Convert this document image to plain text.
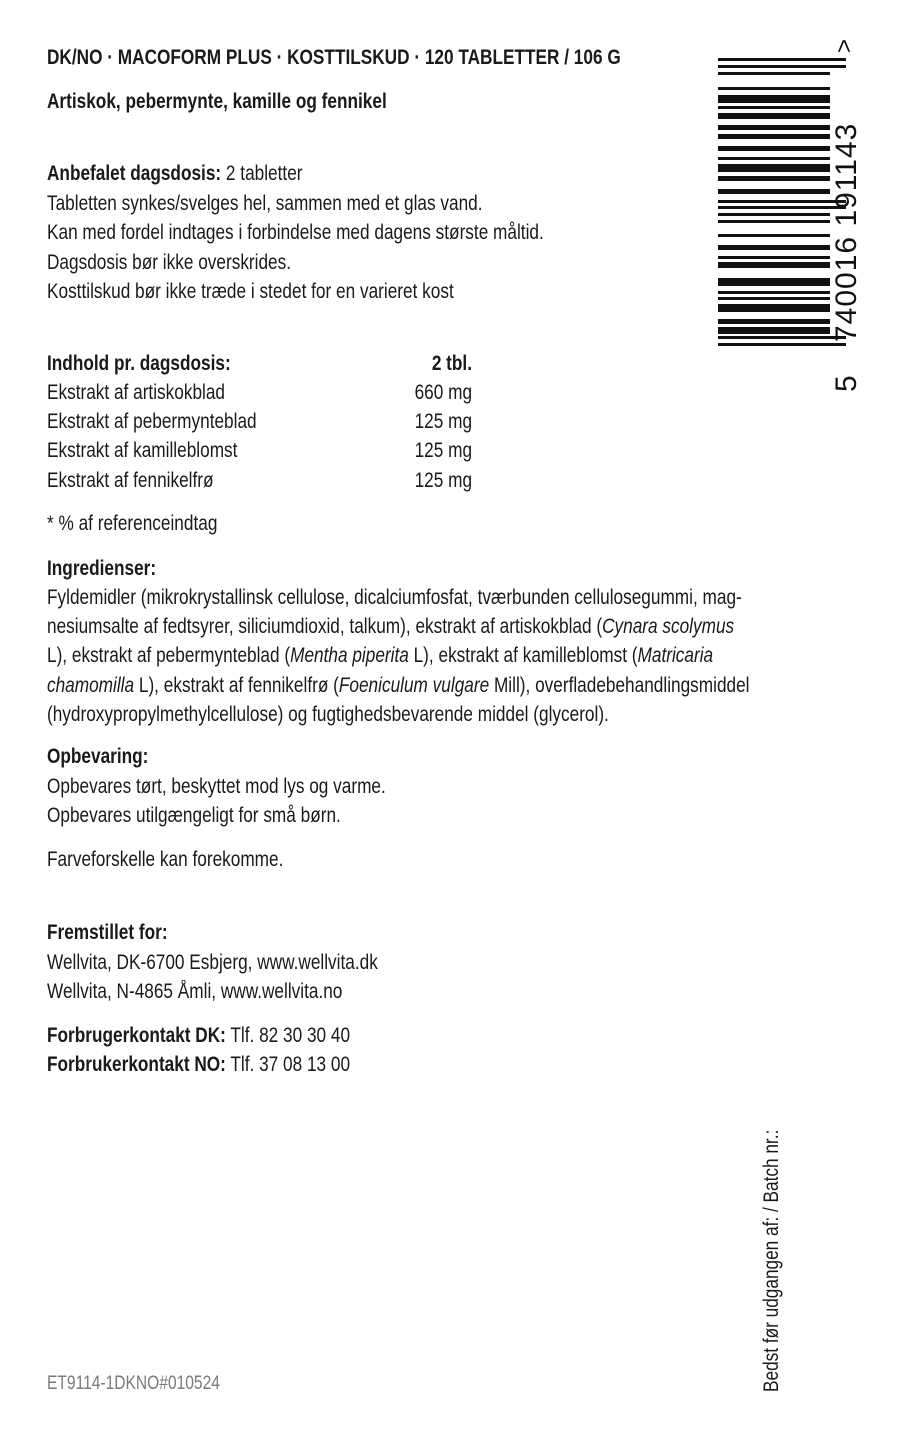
DK/NO · MACOFORM PLUS · KOSTTILSKUD · 120 TABLETTER / 106 G
Artiskok, pebermynte, kamille og fennikel
Anbefalet dagsdosis: 2 tabletter
Tabletten synkes/svelges hel, sammen med et glas vand.
Kan med fordel indtages i forbindelse med dagens største måltid.
Dagsdosis bør ikke overskrides.
Kosttilskud bør ikke træde i stedet for en varieret kost
Indhold pr. dagsdosis:	2 tbl.
Ekstrakt af artiskokblad	660 mg
Ekstrakt af pebermynteblad	125 mg
Ekstrakt af kamilleblomst	125 mg
Ekstrakt af fennikelfrø	125 mg
* % af referenceindtag
Ingredienser:
Fyldemidler (mikrokrystallinsk cellulose, dicalciumfosfat, tværbunden cellulosegummi, mag-
nesiumsalte af fedtsyrer, siliciumdioxid, talkum), ekstrakt af artiskokblad (Cynara scolymus
L), ekstrakt af pebermynteblad (Mentha piperita L), ekstrakt af kamilleblomst (Matricaria
chamomilla L), ekstrakt af fennikelfrø (Foeniculum vulgare Mill), overfladebehandlingsmiddel
(hydroxypropylmethylcellulose) og fugtighedsbevarende middel (glycerol).
Opbevaring:
Opbevares tørt, beskyttet mod lys og varme.
Opbevares utilgængeligt for små børn.
Farveforskelle kan forekomme.
Fremstillet for:
Wellvita, DK-6700 Esbjerg, www.wellvita.dk
Wellvita, N-4865 Åmli, www.wellvita.no
Forbrugerkontakt DK: Tlf. 82 30 30 40
Forbrukerkontakt NO: Tlf. 37 08 13 00
>
740016 191143
5
Bedst før udgangen af: / Batch nr.:
ET9114-1DKNO#010524
